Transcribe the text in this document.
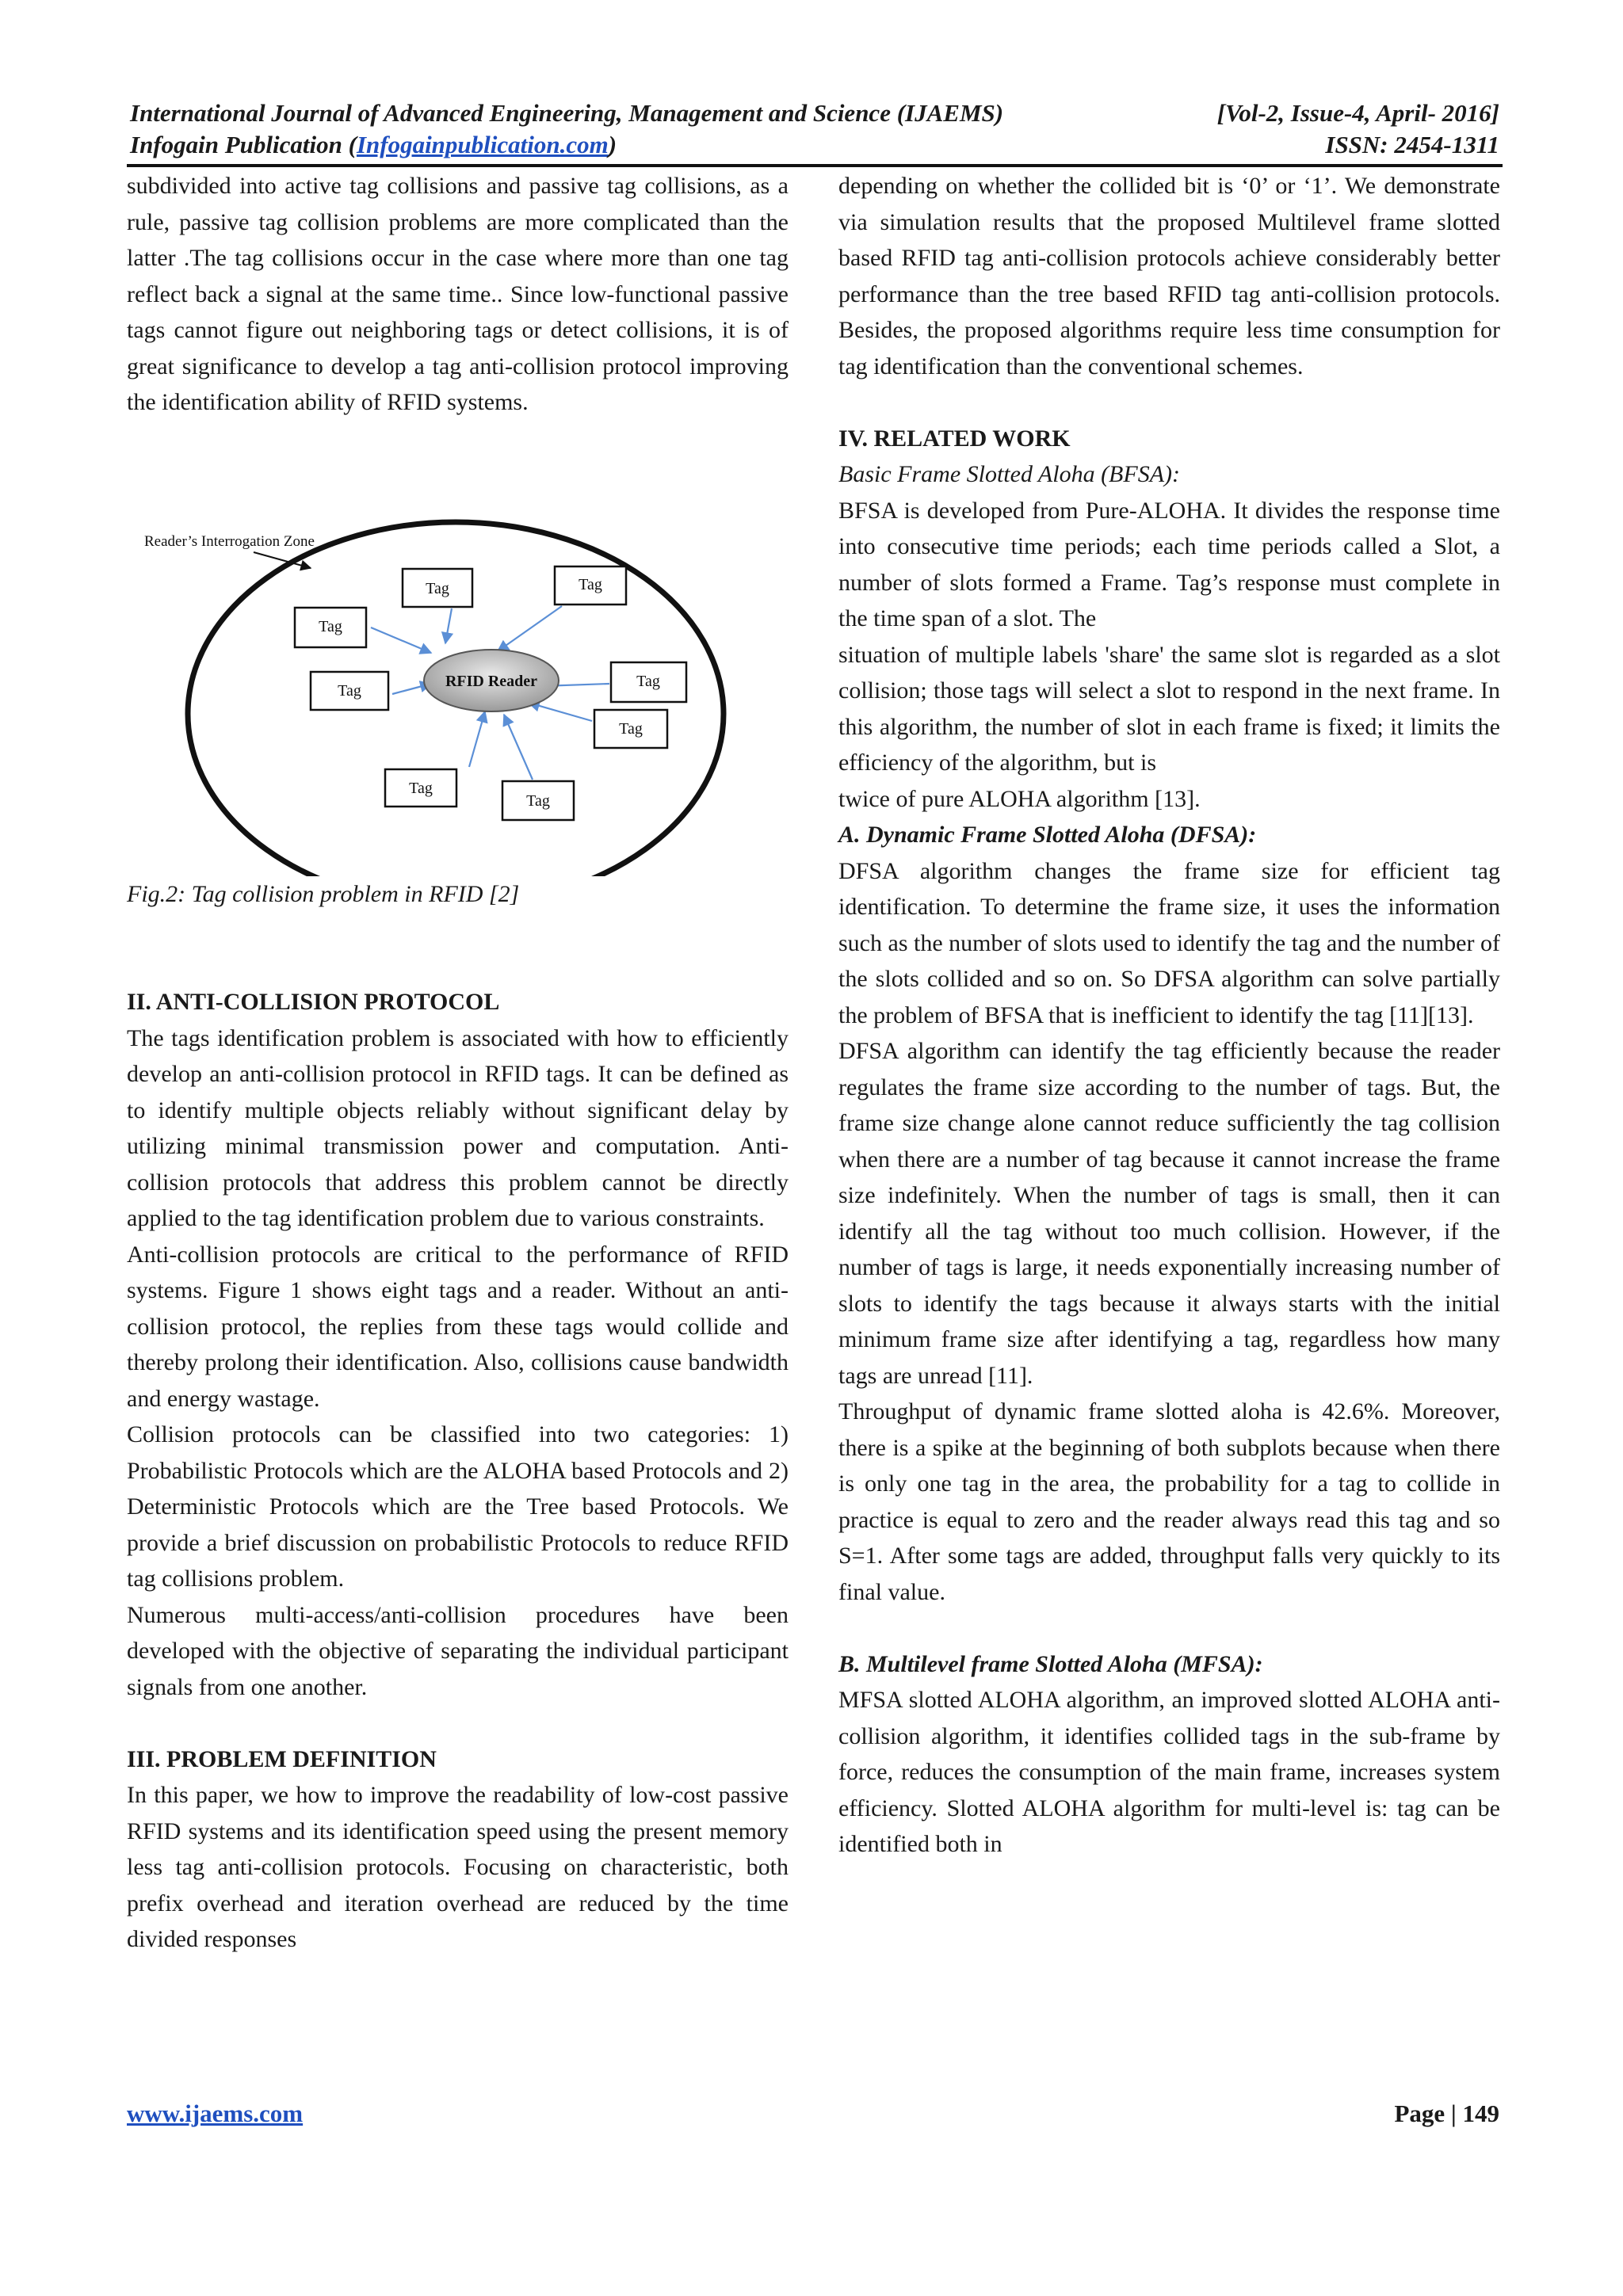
International Journal of Advanced Engineering, Management and Science (IJAEMS)	[Vol-2, Issue-4, April- 2016]
Infogain Publication (Infogainpublication.com)	ISSN: 2454-1311

subdivided into active tag collisions and passive tag collisions, as a rule, passive tag collision problems are more complicated than the latter .The tag collisions occur in the case where more than one tag reflect back a signal at the same time.. Since low-functional passive tags cannot figure out neighboring tags or detect collisions, it is of great significance to develop a tag anti-collision protocol improving the identification ability of RFID systems.

Reader’s Interrogation Zone
RFID Reader
Tag	Tag
Tag
Tag
Tag
Tag
Tag
Tag

Fig.2: Tag collision problem in RFID [2]

II. ANTI-COLLISION PROTOCOL

The tags identification problem is associated with how to efficiently develop an anti-collision protocol in RFID tags. It can be defined as to identify multiple objects reliably without significant delay by utilizing minimal transmission power and computation. Anti-collision protocols that address this problem cannot be directly applied to the tag identification problem due to various constraints.

Anti-collision protocols are critical to the performance of RFID systems. Figure 1 shows eight tags and a reader. Without an anti-collision protocol, the replies from these tags would collide and thereby prolong their identification. Also, collisions cause bandwidth and energy wastage.

Collision protocols can be classified into two categories: 1) Probabilistic Protocols which are the ALOHA based Protocols and 2) Deterministic Protocols which are the Tree based Protocols. We provide a brief discussion on probabilistic Protocols to reduce RFID tag collisions problem.

Numerous multi-access/anti-collision procedures have been developed with the objective of separating the individual participant signals from one another.

III. PROBLEM DEFINITION

In this paper, we how to improve the readability of low-cost passive RFID systems and its identification speed using the present memory less tag anti-collision protocols. Focusing on characteristic, both prefix overhead and iteration overhead are reduced by the time divided responses

depending on whether the collided bit is ‘0’ or ‘1’. We demonstrate via simulation results that the proposed Multilevel frame slotted based RFID tag anti-collision protocols achieve considerably better performance than the tree based RFID tag anti-collision protocols. Besides, the proposed algorithms require less time consumption for tag identification than the conventional schemes.

IV. RELATED WORK

Basic Frame Slotted Aloha (BFSA):

BFSA is developed from Pure-ALOHA. It divides the response time into consecutive time periods; each time periods called a Slot, a number of slots formed a Frame. Tag’s response must complete in the time span of a slot. The

situation of multiple labels 'share' the same slot is regarded as a slot collision; those tags will select a slot to respond in the next frame. In this algorithm, the number of slot in each frame is fixed; it limits the efficiency of the algorithm, but is

twice of pure ALOHA algorithm [13].

A. Dynamic Frame Slotted Aloha (DFSA):

DFSA algorithm changes the frame size for efficient tag identification. To determine the frame size, it uses the information such as the number of slots used to identify the tag and the number of the slots collided and so on. So DFSA algorithm can solve partially the problem of BFSA that is inefficient to identify the tag [11][13].

DFSA algorithm can identify the tag efficiently because the reader regulates the frame size according to the number of tags. But, the frame size change alone cannot reduce sufficiently the tag collision when there are a number of tag because it cannot increase the frame size indefinitely. When the number of tags is small, then it can identify all the tag without too much collision. However, if the number of tags is large, it needs exponentially increasing number of slots to identify the tags because it always starts with the initial minimum frame size after identifying a tag, regardless how many tags are unread [11].

Throughput of dynamic frame slotted aloha is 42.6%. Moreover, there is a spike at the beginning of both subplots because when there is only one tag in the area, the probability for a tag to collide in practice is equal to zero and the reader always read this tag and so S=1. After some tags are added, throughput falls very quickly to its final value.

B. Multilevel frame Slotted Aloha (MFSA):

MFSA slotted ALOHA algorithm, an improved slotted ALOHA anti-collision algorithm, it identifies collided tags in the sub-frame by force, reduces the consumption of the main frame, increases system efficiency. Slotted ALOHA algorithm for multi-level is: tag can be identified both in

www.ijaems.com	Page | 149
